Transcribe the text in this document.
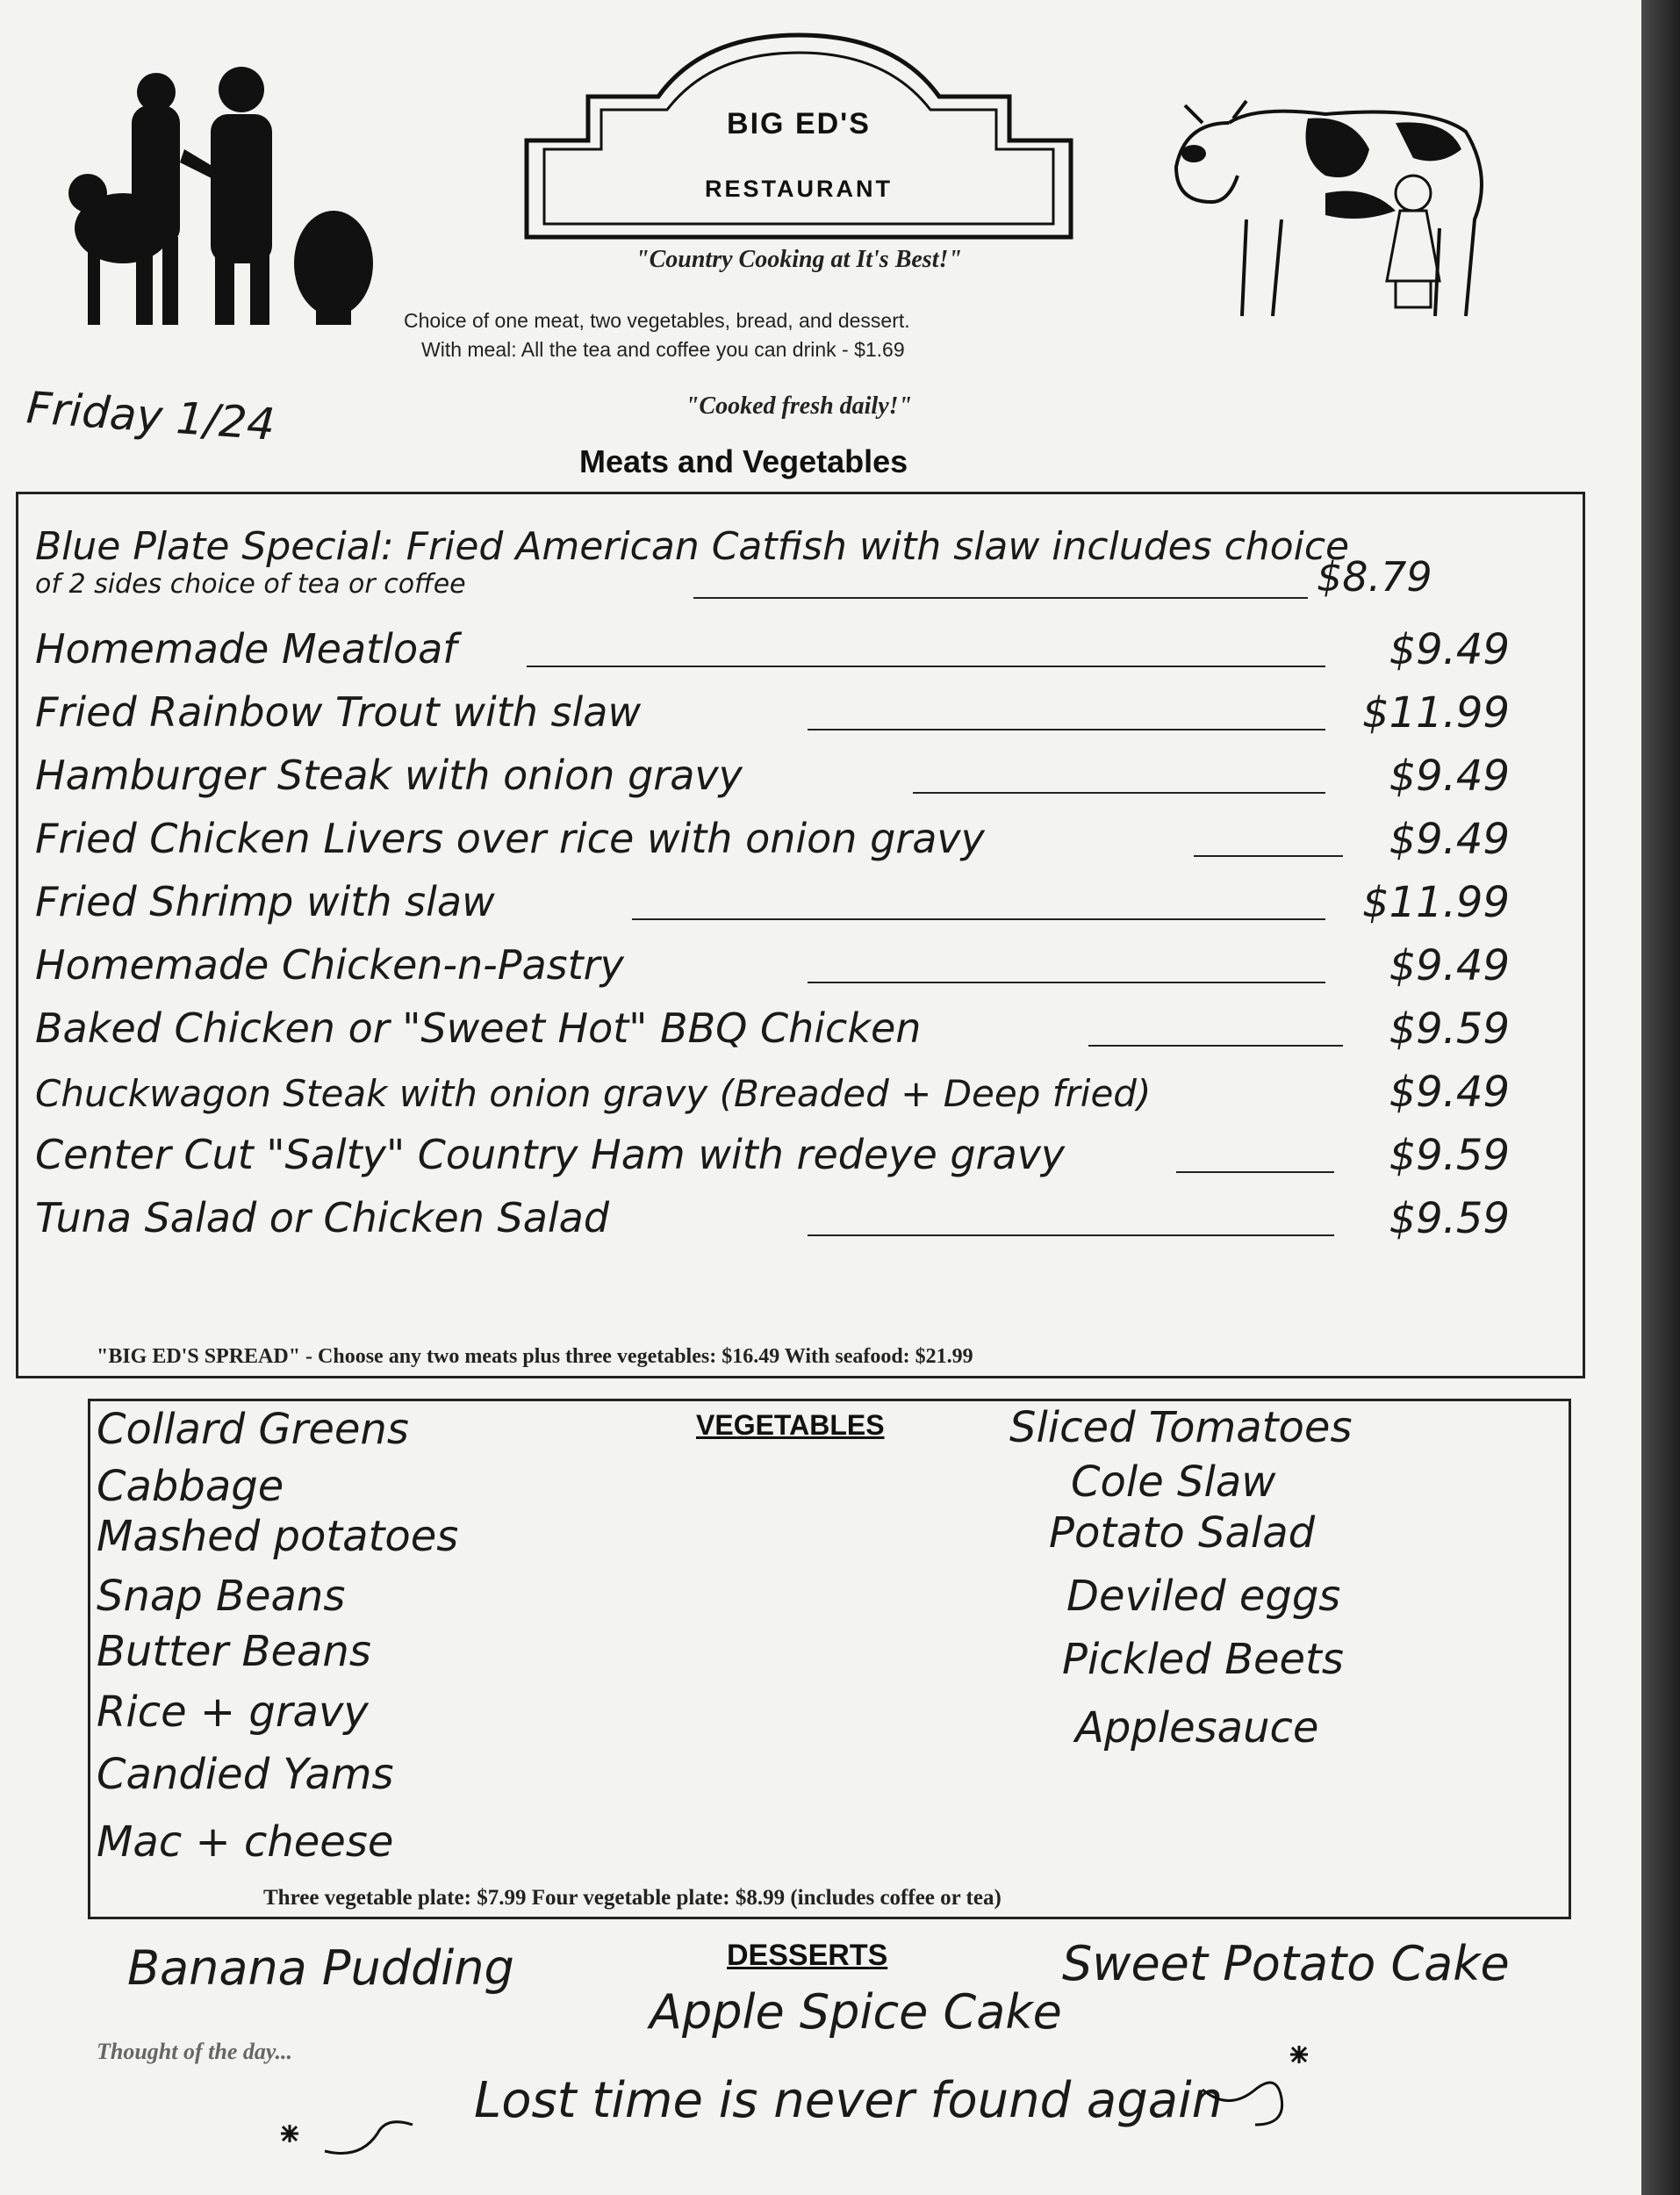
BIG ED'S
RESTAURANT
"Country Cooking at It's Best!"
Choice of one meat, two vegetables, bread, and dessert.
With meal: All the tea and coffee you can drink - $1.69
"Cooked fresh daily!"
Friday 1/24
Meats and Vegetables
Blue Plate Special: Fried American Catfish with slaw includes choice
of 2 sides choice of tea or coffee	$8.79
Homemade Meatloaf	$9.49
Fried Rainbow Trout with slaw	$11.99
Hamburger Steak with onion gravy	$9.49
Fried Chicken Livers over rice with onion gravy	$9.49
Fried Shrimp with slaw	$11.99
Homemade Chicken-n-Pastry	$9.49
Baked Chicken or "Sweet Hot" BBQ Chicken	$9.59
Chuckwagon Steak with onion gravy (Breaded + Deep fried)	$9.49
Center Cut "Salty" Country Ham with redeye gravy	$9.59
Tuna Salad or Chicken Salad	$9.59
"BIG ED'S SPREAD" - Choose any two meats plus three vegetables: $16.49 With seafood: $21.99
VEGETABLES
Collard Greens
Cabbage
Mashed potatoes
Snap Beans
Butter Beans
Rice + gravy
Candied Yams
Mac + cheese
Sliced Tomatoes
Cole Slaw
Potato Salad
Deviled eggs
Pickled Beets
Applesauce
Three vegetable plate: $7.99 Four vegetable plate: $8.99 (includes coffee or tea)
DESSERTS
Banana Pudding
Apple Spice Cake
Sweet Potato Cake
Thought of the day...
Lost time is never found again
